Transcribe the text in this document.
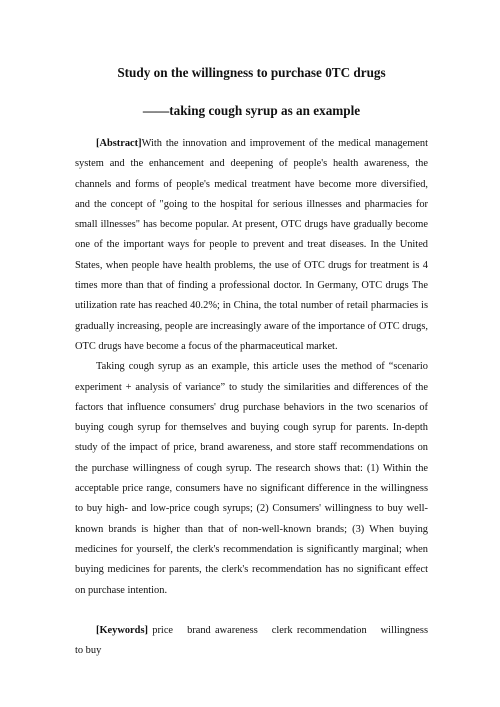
Study on the willingness to purchase 0TC drugs
——taking cough syrup as an example

[Abstract]With the innovation and improvement of the medical management system and the enhancement and deepening of people's health awareness, the channels and forms of people's medical treatment have become more diversified, and the concept of "going to the hospital for serious illnesses and pharmacies for small illnesses" has become popular. At present, OTC drugs have gradually become one of the important ways for people to prevent and treat diseases. In the United States, when people have health problems, the use of OTC drugs for treatment is 4 times more than that of finding a professional doctor. In Germany, OTC drugs The utilization rate has reached 40.2%; in China, the total number of retail pharmacies is gradually increasing, people are increasingly aware of the importance of OTC drugs, OTC drugs have become a focus of the pharmaceutical market.

Taking cough syrup as an example, this article uses the method of “scenario experiment + analysis of variance” to study the similarities and differences of the factors that influence consumers' drug purchase behaviors in the two scenarios of buying cough syrup for themselves and buying cough syrup for parents. In-depth study of the impact of price, brand awareness, and store staff recommendations on the purchase willingness of cough syrup. The research shows that: (1) Within the acceptable price range, consumers have no significant difference in the willingness to buy high- and low-price cough syrups; (2) Consumers' willingness to buy well-known brands is higher than that of non-well-known brands; (3) When buying medicines for yourself, the clerk's recommendation is significantly marginal; when buying medicines for parents, the clerk's recommendation has no significant effect on purchase intention.

[Keywords] price brand awareness clerk recommendation willingness to buy
